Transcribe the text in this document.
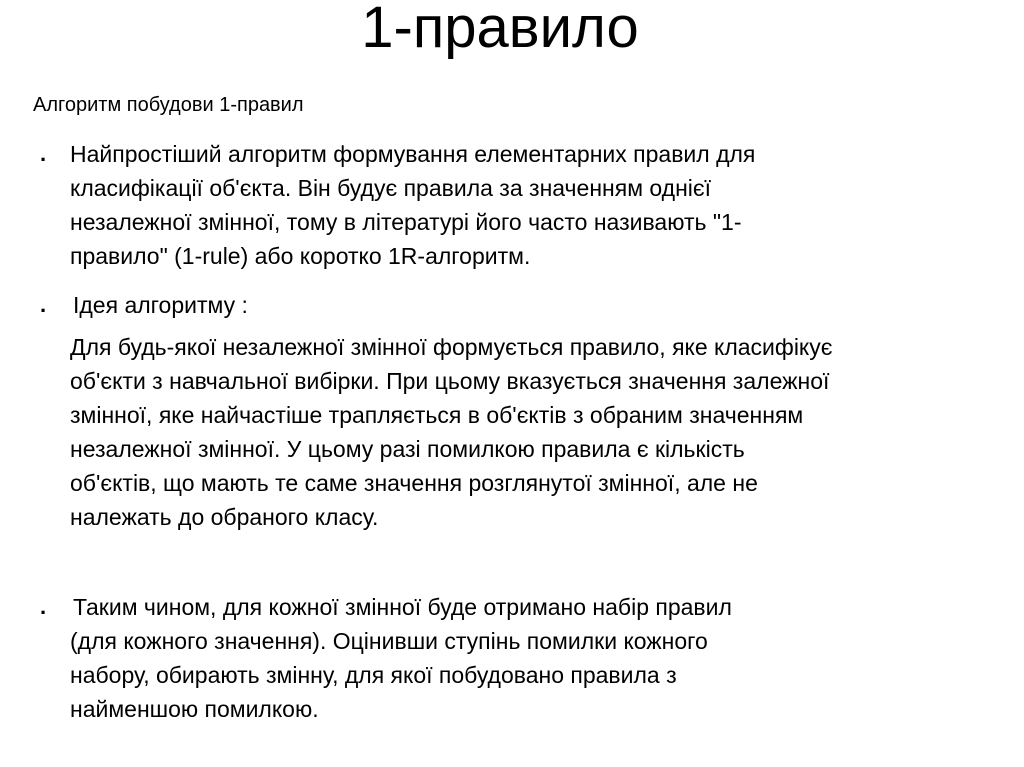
1-правило
Алгоритм побудови 1-правил
. Найпростіший алгоритм формування елементарних правил для
класифікації об'єкта. Він будує правила за значенням однієї
незалежної змінної, тому в літературі його часто називають "1-
правило" (1-rule) або коротко 1R-алгоритм.
. Ідея алгоритму :
Для будь-якої незалежної змінної формується правило, яке класифікує
об'єкти з навчальної вибірки. При цьому вказується значення залежної
змінної, яке найчастіше трапляється в об'єктів з обраним значенням
незалежної змінної. У цьому разі помилкою правила є кількість
об'єктів, що мають те саме значення розглянутої змінної, але не
належать до обраного класу.
. Таким чином, для кожної змінної буде отримано набір правил
(для кожного значення). Оцінивши ступінь помилки кожного
набору, обирають змінну, для якої побудовано правила з
найменшою помилкою.
